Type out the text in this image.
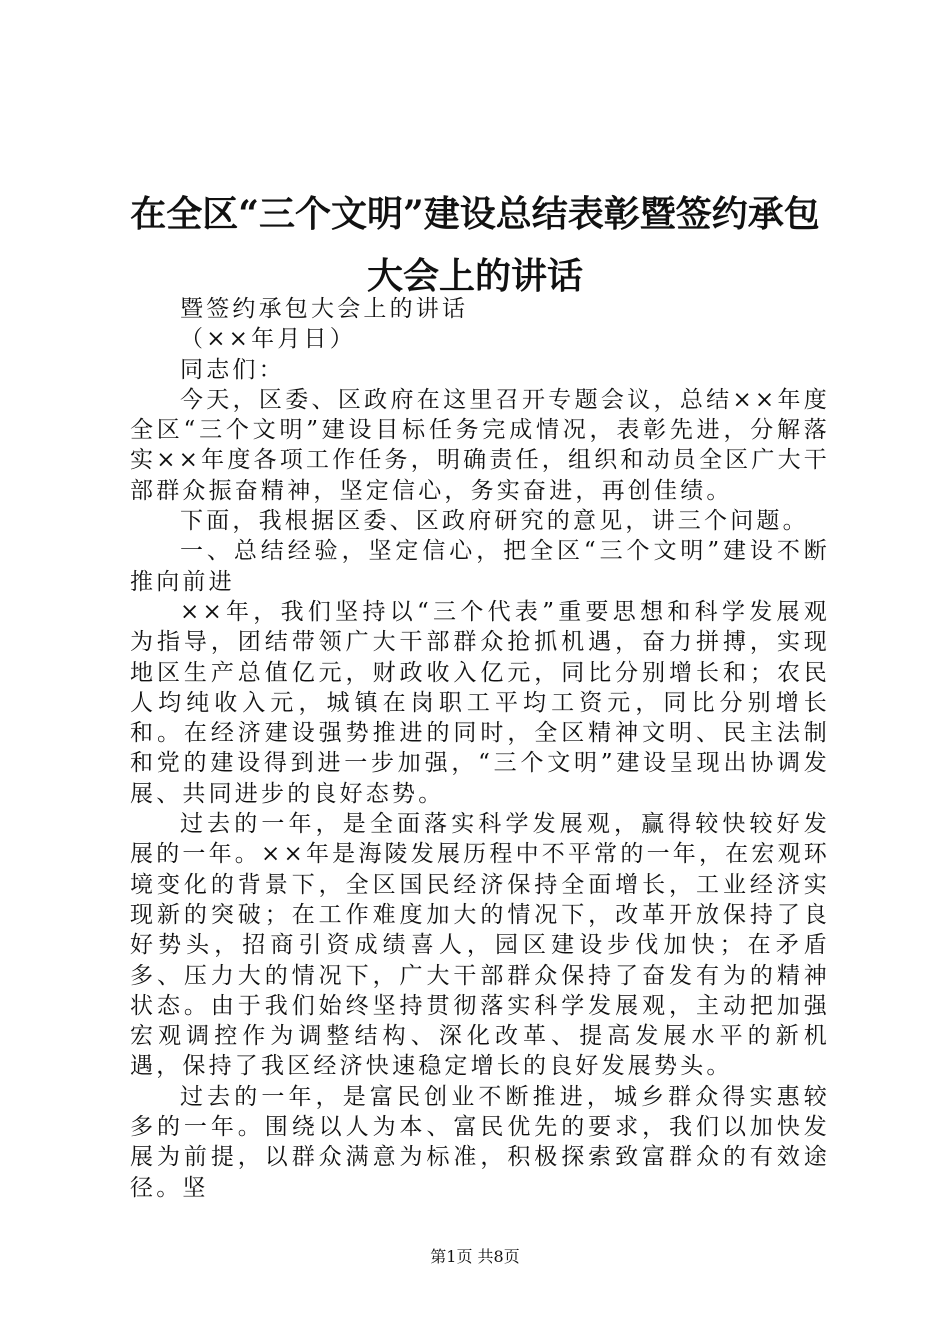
在全区“三个文明”建设总结表彰暨签约承包
大会上的讲话

暨签约承包大会上的讲话

（××年月日）

同志们：

今天，区委、区政府在这里召开专题会议，总结××年度全区“三个文明”建设目标任务完成情况，表彰先进，分解落实××年度各项工作任务，明确责任，组织和动员全区广大干部群众振奋精神，坚定信心，务实奋进，再创佳绩。

下面，我根据区委、区政府研究的意见，讲三个问题。

一、总结经验，坚定信心，把全区“三个文明”建设不断推向前进

××年，我们坚持以“三个代表”重要思想和科学发展观为指导，团结带领广大干部群众抢抓机遇，奋力拼搏，实现地区生产总值亿元，财政收入亿元，同比分别增长和；农民人均纯收入元，城镇在岗职工平均工资元，同比分别增长和。在经济建设强势推进的同时，全区精神文明、民主法制和党的建设得到进一步加强，“三个文明”建设呈现出协调发展、共同进步的良好态势。

过去的一年，是全面落实科学发展观，赢得较快较好发展的一年。××年是海陵发展历程中不平常的一年，在宏观环境变化的背景下，全区国民经济保持全面增长，工业经济实现新的突破；在工作难度加大的情况下，改革开放保持了良好势头，招商引资成绩喜人，园区建设步伐加快；在矛盾多、压力大的情况下，广大干部群众保持了奋发有为的精神状态。由于我们始终坚持贯彻落实科学发展观，主动把加强宏观调控作为调整结构、深化改革、提高发展水平的新机遇，保持了我区经济快速稳定增长的良好发展势头。

过去的一年，是富民创业不断推进，城乡群众得实惠较多的一年。围绕以人为本、富民优先的要求，我们以加快发展为前提，以群众满意为标准，积极探索致富群众的有效途径。坚

第1页 共8页
